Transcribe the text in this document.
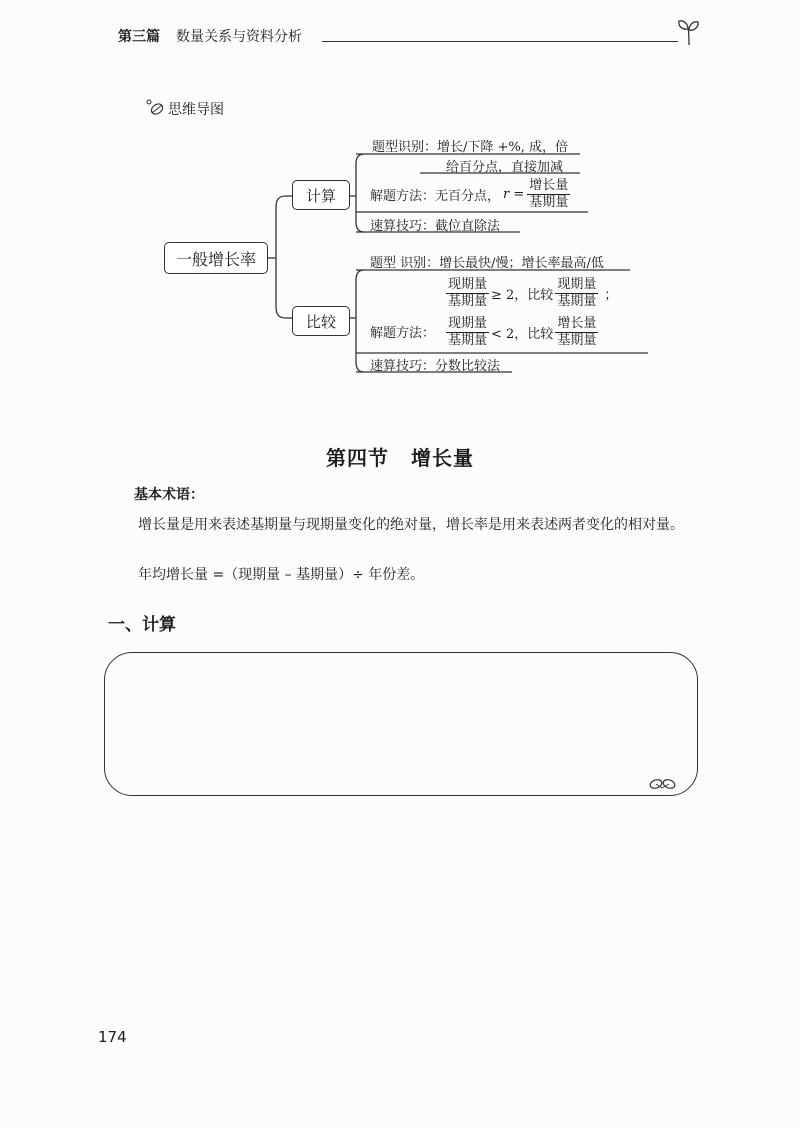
第三篇 数量关系与资料分析
思维导图
一般增长率
计算
比较
题型识别：增长/下降 +%, 成，倍
给百分点，直接加减
解题方法：无百分点， $r = \frac{\text{增长量}}{\text{基期量}}$
速算技巧：截位直除法
题型 识别：增长最快/慢；增长率最高/低
$\frac{\text{现期量}}{\text{基期量}} \ge 2$，比较 $\frac{\text{现期量}}{\text{基期量}}$ ；
解题方法： $\frac{\text{现期量}}{\text{基期量}} < 2$，比较 $\frac{\text{增长量}}{\text{基期量}}$
速算技巧：分数比较法
第四节 增长量
基本术语：
增长量是用来表述基期量与现期量变化的绝对量，增长率是用来表述两者变化的相对量。
年均增长量 =（现期量 – 基期量）÷ 年份差。
一、计算
174
